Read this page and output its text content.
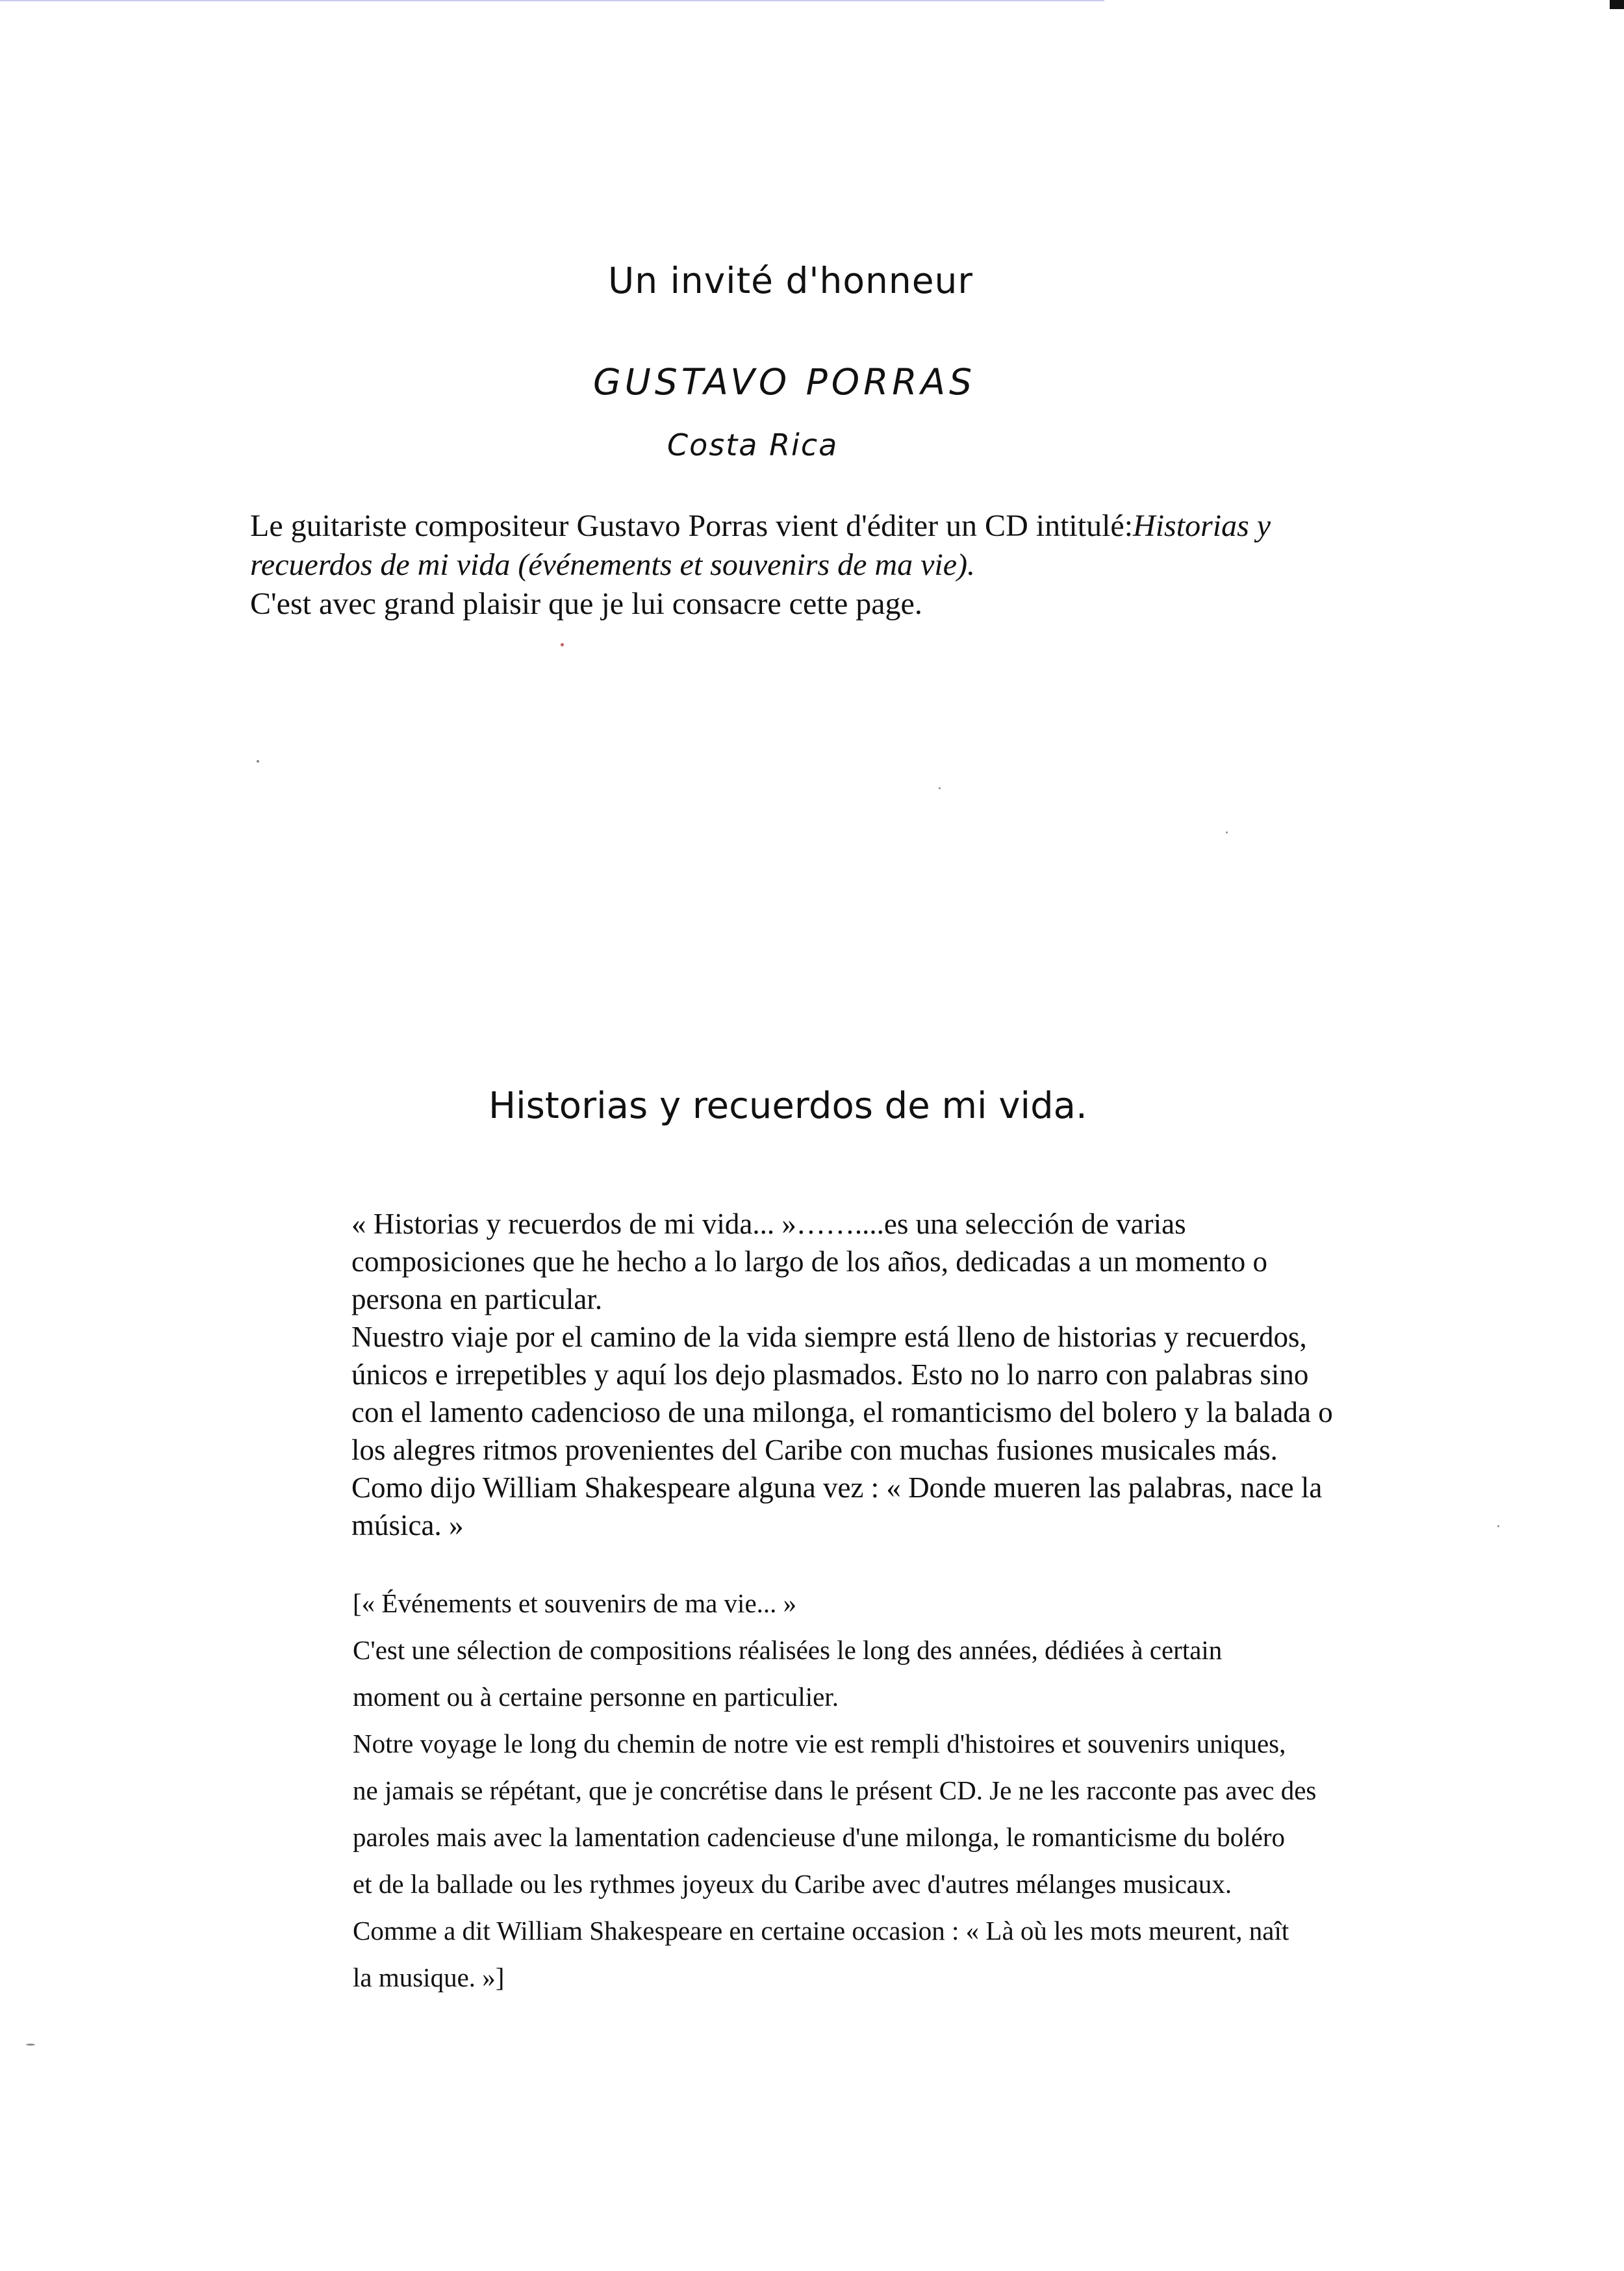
Un invité d'honneur
GUSTAVO PORRAS
Costa Rica

Le guitariste compositeur Gustavo Porras vient d'éditer un CD intitulé:Historias y

recuerdos de mi vida (événements et souvenirs de ma vie).

C'est avec grand plaisir que je lui consacre cette page.

Historias y recuerdos de mi vida.

« Historias y recuerdos de mi vida... »……....es una selección de varias

composiciones que he hecho a lo largo de los años, dedicadas a un momento o

persona en particular.

Nuestro viaje por el camino de la vida siempre está lleno de historias y recuerdos,

únicos e irrepetibles y aquí los dejo plasmados. Esto no lo narro con palabras sino

con el lamento cadencioso de una milonga, el romanticismo del bolero y la balada o

los alegres ritmos provenientes del Caribe con muchas fusiones musicales más.

Como dijo William Shakespeare alguna vez : « Donde mueren las palabras, nace la

música. »

[« Événements et souvenirs de ma vie... »

C'est une sélection de compositions réalisées le long des années, dédiées à certain

moment ou à certaine personne en particulier.

Notre voyage le long du chemin de notre vie est rempli d'histoires et souvenirs uniques,

ne jamais se répétant, que je concrétise dans le présent CD. Je ne les racconte pas avec des

paroles mais avec la lamentation cadencieuse d'une milonga, le romanticisme du boléro

et de la ballade ou les rythmes joyeux du Caribe avec d'autres mélanges musicaux.

Comme a dit William Shakespeare en certaine occasion : « Là où les mots meurent, naît

la musique. »]
